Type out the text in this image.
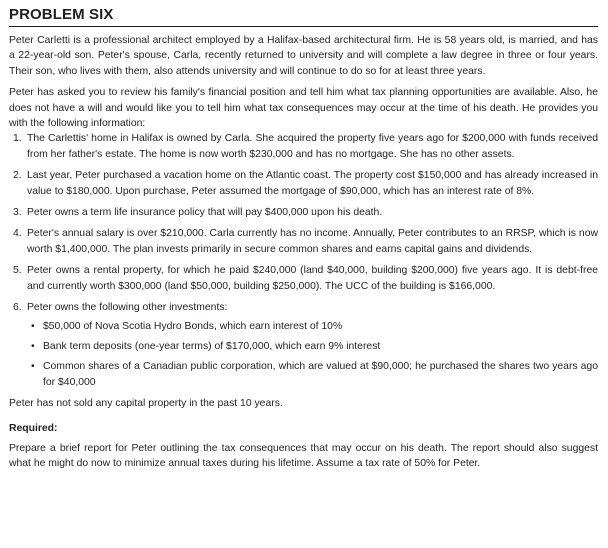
PROBLEM SIX

Peter Carletti is a professional architect employed by a Halifax-based architectural firm. He is 58 years old, is married, and has a 22-year-old son. Peter's spouse, Carla, recently returned to university and will complete a law degree in three or four years. Their son, who lives with them, also attends university and will continue to do so for at least three years.

Peter has asked you to review his family's financial position and tell him what tax planning opportunities are available. Also, he does not have a will and would like you to tell him what tax consequences may occur at the time of his death. He provides you with the following information:

1. The Carlettis' home in Halifax is owned by Carla. She acquired the property five years ago for $200,000 with funds received from her father's estate. The home is now worth $230,000 and has no mortgage. She has no other assets.
2. Last year, Peter purchased a vacation home on the Atlantic coast. The property cost $150,000 and has already increased in value to $180,000. Upon purchase, Peter assumed the mortgage of $90,000, which has an interest rate of 8%.
3. Peter owns a term life insurance policy that will pay $400,000 upon his death.
4. Peter's annual salary is over $210,000. Carla currently has no income. Annually, Peter contributes to an RRSP, which is now worth $1,400,000. The plan invests primarily in secure common shares and earns capital gains and dividends.
5. Peter owns a rental property, for which he paid $240,000 (land $40,000, building $200,000) five years ago. It is debt-free and currently worth $300,000 (land $50,000, building $250,000). The UCC of the building is $166,000.
6. Peter owns the following other investments:
• $50,000 of Nova Scotia Hydro Bonds, which earn interest of 10%
• Bank term deposits (one-year terms) of $170,000, which earn 9% interest
• Common shares of a Canadian public corporation, which are valued at $90,000; he purchased the shares two years ago for $40,000

Peter has not sold any capital property in the past 10 years.

Required:

Prepare a brief report for Peter outlining the tax consequences that may occur on his death. The report should also suggest what he might do now to minimize annual taxes during his lifetime. Assume a tax rate of 50% for Peter.
